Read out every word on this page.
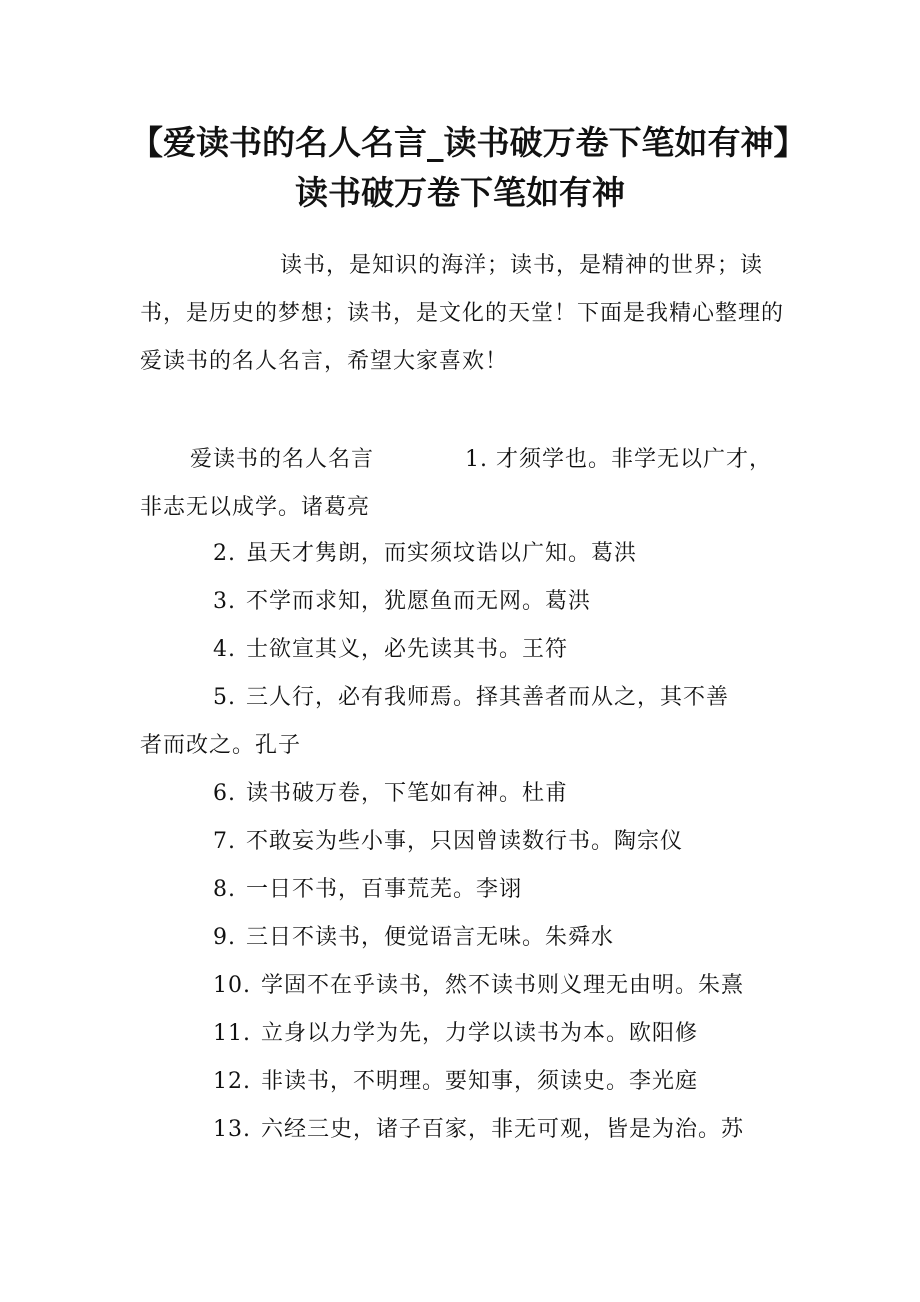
【爱读书的名人名言_读书破万卷下笔如有神】读书破万卷下笔如有神

读书，是知识的海洋；读书，是精神的世界；读书，是历史的梦想；读书，是文化的天堂！下面是我精心整理的爱读书的名人名言，希望大家喜欢！

爱读书的名人名言	1. 才须学也。非学无以广才，
非志无以成学。诸葛亮

2. 虽天才隽朗，而实须坟诰以广知。葛洪

3. 不学而求知，犹愿鱼而无网。葛洪

4. 士欲宣其义，必先读其书。王符

5. 三人行，必有我师焉。择其善者而从之，其不善

者而改之。孔子

6. 读书破万卷，下笔如有神。杜甫

7. 不敢妄为些小事，只因曾读数行书。陶宗仪

8. 一日不书，百事荒芜。李诩

9. 三日不读书，便觉语言无味。朱舜水

10. 学固不在乎读书，然不读书则义理无由明。朱熹

11. 立身以力学为先，力学以读书为本。欧阳修

12. 非读书，不明理。要知事，须读史。李光庭

13. 六经三史，诸子百家，非无可观，皆是为治。苏
